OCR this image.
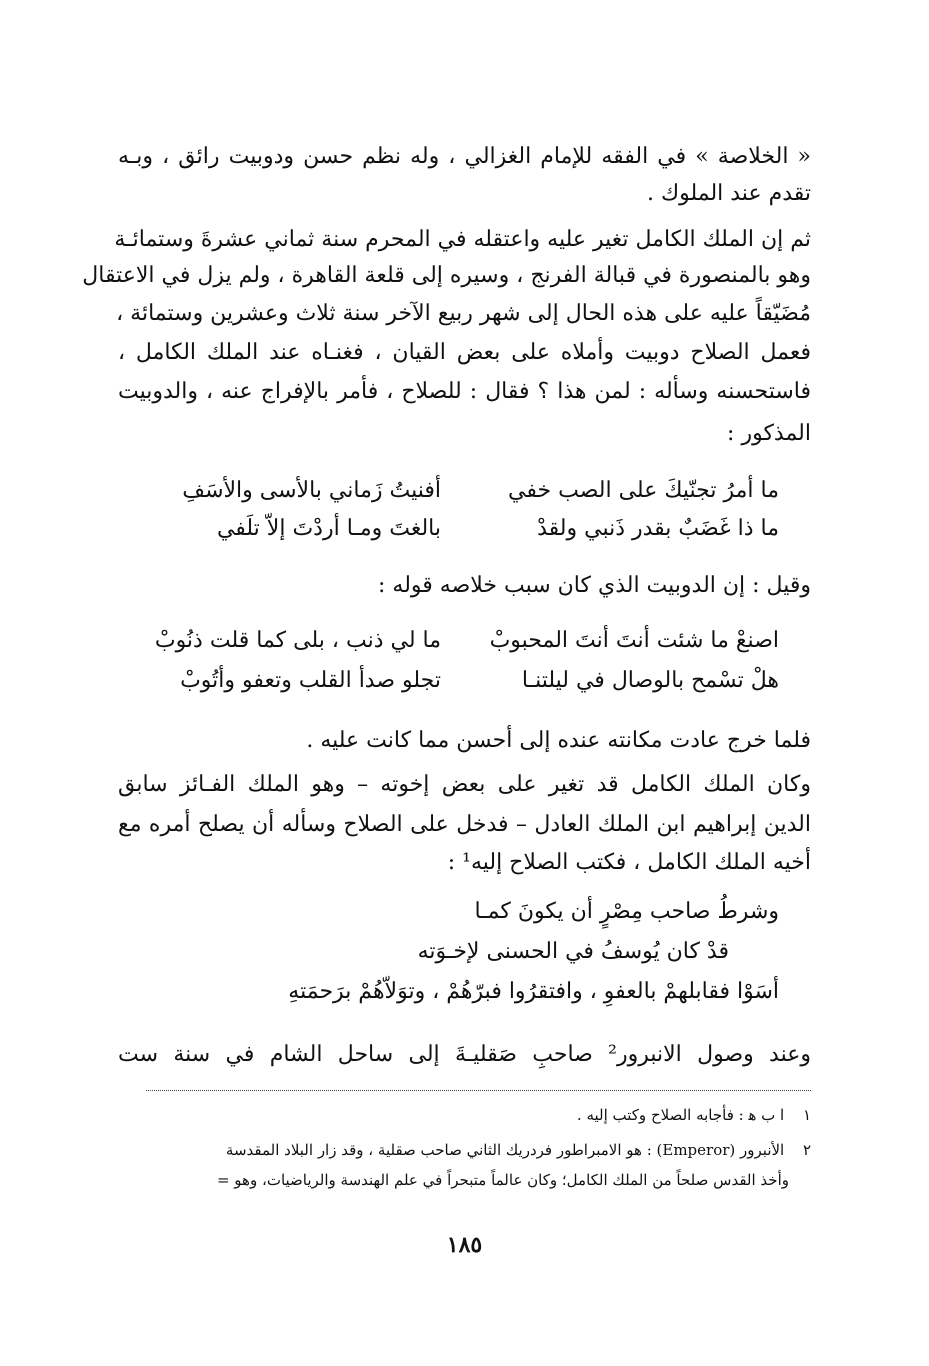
« الخلاصة » في الفقه للإمام الغزالي ، وله نظم حسن ودوبيت رائق ، وبـه
تقدم عند الملوك .
ثم إن الملك الكامل تغير عليه واعتقله في المحرم سنة ثماني عشرةَ وستمائـة
وهو بالمنصورة في قبالة الفرنج ، وسيره إلى قلعة القاهرة ، ولم يزل في الاعتقال
مُضَيّقاً عليه على هذه الحال إلى شهر ربيع الآخر سنة ثلاث وعشرين وستمائة ،
فعمل الصلاح دوبيت وأملاه على بعض القيان ، فغنـاه عند الملك الكامل ،
فاستحسنه وسأله : لمن هذا ؟ فقال : للصلاح ، فأمر بالإفراج عنه ، والدوبيت
المذكور :
ما أمرُ تجنّيكَ على الصب خفي
أفنيتُ زَماني بالأسى والأسَفِ
ما ذا غَضَبٌ بقدر ذَنبي ولقدْ
بالغتَ ومـا أردْتَ إلاّ تلَفي
وقيل : إن الدوبيت الذي كان سبب خلاصه قوله :
اصنعْ ما شئت أنتَ أنتَ المحبوبْ
ما لي ذنب ، بلى كما قلت ذنُوبْ
هلْ تسْمح بالوصال في ليلتنـا
تجلو صدأ القلب وتعفو وأتُوبْ
فلما خرج عادت مكانته عنده إلى أحسن مما كانت عليه .
وكان الملك الكامل قد تغير على بعض إخوته – وهو الملك الفـائز سابق
الدين إبراهيم ابن الملك العادل – فدخل على الصلاح وسأله أن يصلح أمره مع
أخيه الملك الكامل ، فكتب الصلاح إليه¹ :
وشرطُ صاحب مِصْرٍ أن يكونَ كمـا
قدْ كان يُوسفُ في الحسنى لإخـوَته
أسَوْا فقابلهمْ بالعفوِ ، وافتقرُوا فبرّهُمْ ، وتوَلاّهُمْ برَحمَتهِ
وعند وصول الانبرور² صاحبِ صَقليـةَ إلى ساحل الشام في سنة ست
١ ا ب ﻫ : فأجابه الصلاح وكتب إليه .
٢ الأنبرور (Emperor) : هو الامبراطور فردريك الثاني صاحب صقلية ، وقد زار البلاد المقدسة
وأخذ القدس صلحاً من الملك الكامل؛ وكان عالماً متبحراً في علم الهندسة والرياضيات، وهو =
١٨٥
